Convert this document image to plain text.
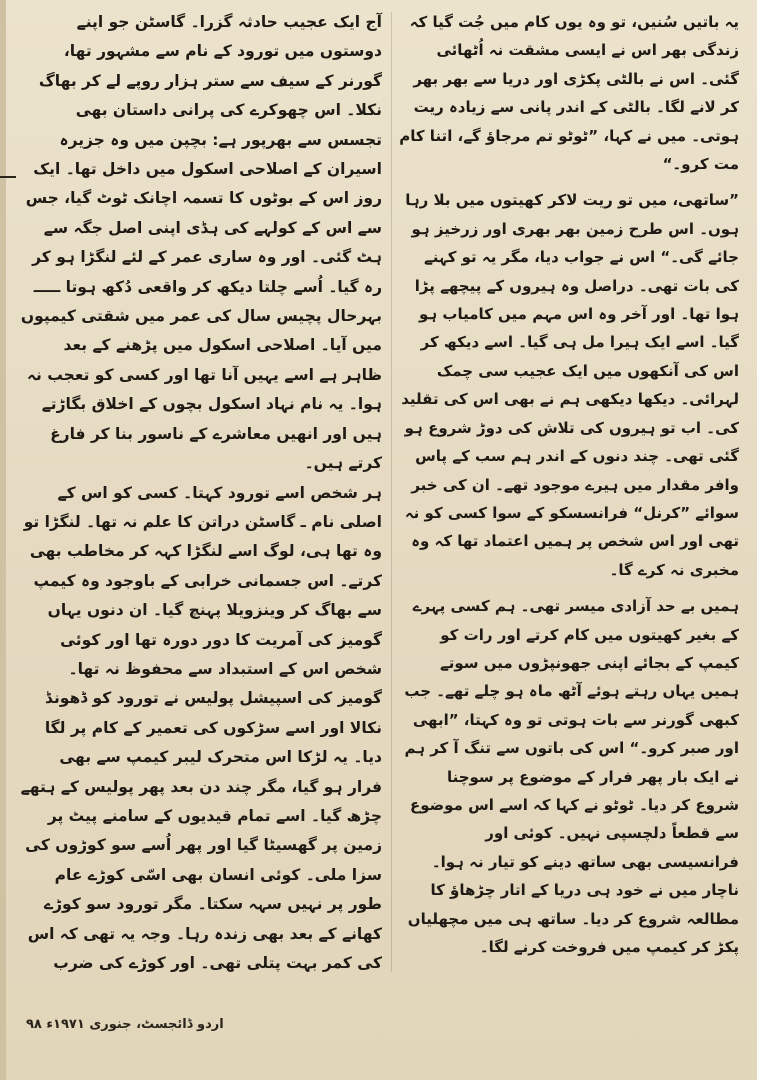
یہ باتیں سُنیں، تو وہ یوں کام میں جُت گیا کہ زندگی بھر اس نے ایسی مشقت نہ اُٹھائی گئی۔ اس نے بالٹی پکڑی اور دریا سے بھر بھر کر لانے لگا۔ بالٹی کے اندر پانی سے زیادہ ریت ہوتی۔ میں نے کہا، ”ٹوٹو تم مرجاؤ گے، اتنا کام مت کرو۔“

”ساتھی، میں تو ریت لاکر کھیتوں میں بلا رہا ہوں۔ اس طرح زمین بھر بھری اور زرخیز ہو جائے گی۔“ اس نے جواب دیا، مگر یہ تو کہنے کی بات تھی۔ دراصل وہ ہیروں کے پیچھے پڑا ہوا تھا۔ اور آخر وہ اس مہم میں کامیاب ہو گیا۔ اسے ایک ہیرا مل ہی گیا۔ اسے دیکھ کر اس کی آنکھوں میں ایک عجیب سی چمک لہرائی۔ دیکھا دیکھی ہم نے بھی اس کی تقلید کی۔ اب تو ہیروں کی تلاش کی دوڑ شروع ہو گئی تھی۔ چند دنوں کے اندر ہم سب کے پاس وافر مقدار میں ہیرے موجود تھے۔ ان کی خبر سوائے ”کرنل“ فرانسسکو کے سوا کسی کو نہ تھی اور اس شخص پر ہمیں اعتماد تھا کہ وہ مخبری نہ کرے گا۔

ہمیں بے حد آزادی میسر تھی۔ ہم کسی پہرے کے بغیر کھیتوں میں کام کرتے اور رات کو کیمپ کے بجائے اپنی جھونپڑوں میں سوتے ہمیں یہاں رہتے ہوئے آٹھ ماہ ہو چلے تھے۔ جب کبھی گورنر سے بات ہوتی تو وہ کہتا، ”ابھی اور صبر کرو۔“ اس کی باتوں سے تنگ آ کر ہم نے ایک بار پھر فرار کے موضوع پر سوچنا شروع کر دیا۔ ٹوٹو نے کہا کہ اسے اس موضوع سے قطعاً دلچسپی نہیں۔ کوئی اور فرانسیسی بھی ساتھ دینے کو تیار نہ ہوا۔ ناچار میں نے خود ہی دریا کے اتار چڑھاؤ کا مطالعہ شروع کر دیا۔ ساتھ ہی میں مچھلیاں پکڑ کر کیمپ میں فروخت کرنے لگا۔

آج ایک عجیب حادثہ گزرا۔ گاسٹن جو اپنے دوستوں میں تورود کے نام سے مشہور تھا، گورنر کے سیف سے ستر ہزار روپے لے کر بھاگ نکلا۔ اس چھوکرے کی پرانی داستان بھی تجسس سے بھرپور ہے: بچپن میں وہ جزیرہ اسیران کے اصلاحی اسکول میں داخل تھا۔ ایک روز اس کے بوٹوں کا تسمہ اچانک ٹوٹ گیا، جس سے اس کے کولہے کی ہڈی اپنی اصل جگہ سے ہٹ گئی۔ اور وہ ساری عمر کے لئے لنگڑا ہو کر رہ گیا۔ اُسے چلتا دیکھ کر واقعی دُکھ ہوتا ـــــ بہرحال پچیس سال کی عمر میں شقتی کیمپوں میں آیا۔ اصلاحی اسکول میں پڑھنے کے بعد ظاہر ہے اسے یہیں آنا تھا اور کسی کو تعجب نہ ہوا۔ یہ نام نہاد اسکول بچوں کے اخلاق بگاڑتے ہیں اور انھیں معاشرے کے ناسور بنا کر فارغ کرتے ہیں۔

ہر شخص اسے تورود کہتا۔ کسی کو اس کے اصلی نام ـ گاسٹن دراتن کا علم نہ تھا۔ لنگڑا تو وہ تھا ہی، لوگ اسے لنگڑا کہہ کر مخاطب بھی کرتے۔ اس جسمانی خرابی کے باوجود وہ کیمپ سے بھاگ کر وینزویلا پہنچ گیا۔ ان دنوں یہاں گومیز کی آمریت کا دور دورہ تھا اور کوئی شخص اس کے استبداد سے محفوظ نہ تھا۔ گومیز کی اسپیشل پولیس نے تورود کو ڈھونڈ نکالا اور اسے سڑکوں کی تعمیر کے کام پر لگا دیا۔ یہ لڑکا اس متحرک لیبر کیمپ سے بھی فرار ہو گیا، مگر چند دن بعد پھر پولیس کے ہتھے چڑھ گیا۔ اسے تمام قیدیوں کے سامنے پیٹ پر زمین پر گھسیٹا گیا اور پھر اُسے سو کوڑوں کی سزا ملی۔ کوئی انسان بھی اسّی کوڑے عام طور پر نہیں سہہ سکتا۔ مگر تورود سو کوڑے کھانے کے بعد بھی زندہ رہا۔ وجہ یہ تھی کہ اس کی کمر بہت پتلی تھی۔ اور کوڑے کی ضرب

اردو ڈائجسٹ، جنوری ۱۹۷۱ء ۹۸
